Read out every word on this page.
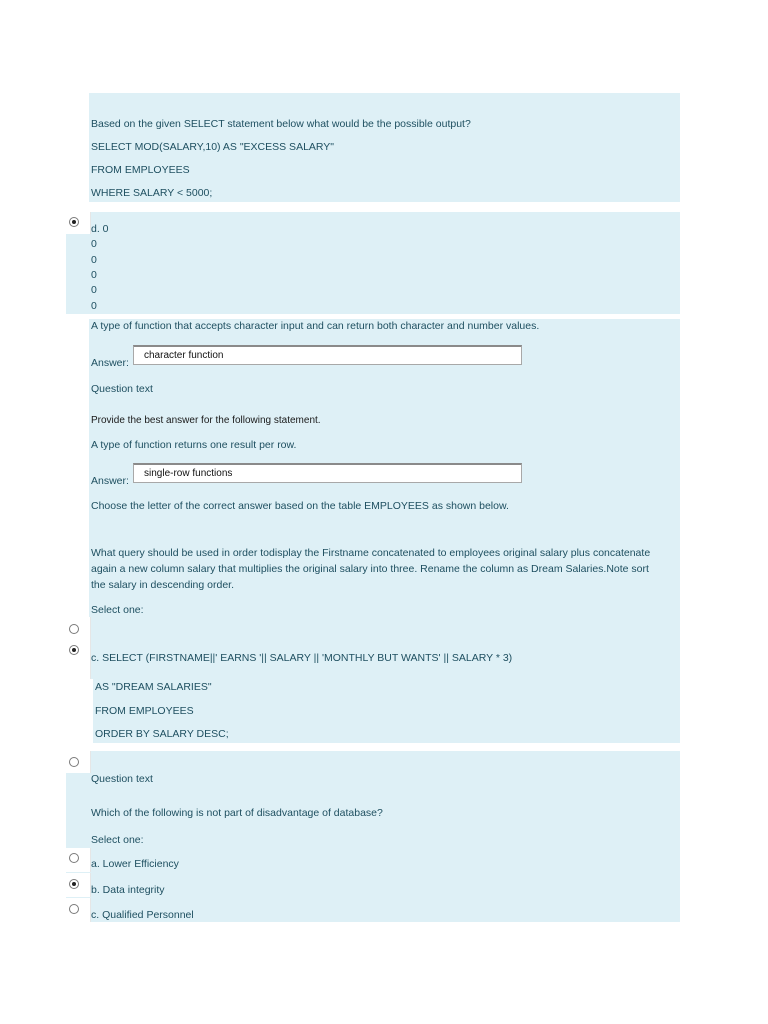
Based on the given SELECT statement below what would be the possible output?
SELECT MOD(SALARY,10) AS "EXCESS SALARY"
FROM EMPLOYEES
WHERE SALARY < 5000;
d. 0
0
0
0
0
0
A type of function that accepts character input and can return both character and number values.
Answer:
character function
Question text
Provide the best answer for the following statement.
A type of function returns one result per row.
Answer:
single-row functions
Choose the letter of the correct answer based on the table EMPLOYEES as shown below.
What query should be used in order todisplay the Firstname concatenated to employees original salary plus concatenate again a new column salary that multiplies the original salary into three. Rename the column as Dream Salaries.Note sort the salary in descending order.
Select one:
c. SELECT (FIRSTNAME||' EARNS '|| SALARY || 'MONTHLY BUT WANTS' || SALARY * 3)
AS "DREAM SALARIES"
FROM EMPLOYEES
ORDER BY SALARY DESC;
Question text
Which of the following is not part of disadvantage of database?
Select one:
a. Lower Efficiency
b. Data integrity
c. Qualified Personnel
